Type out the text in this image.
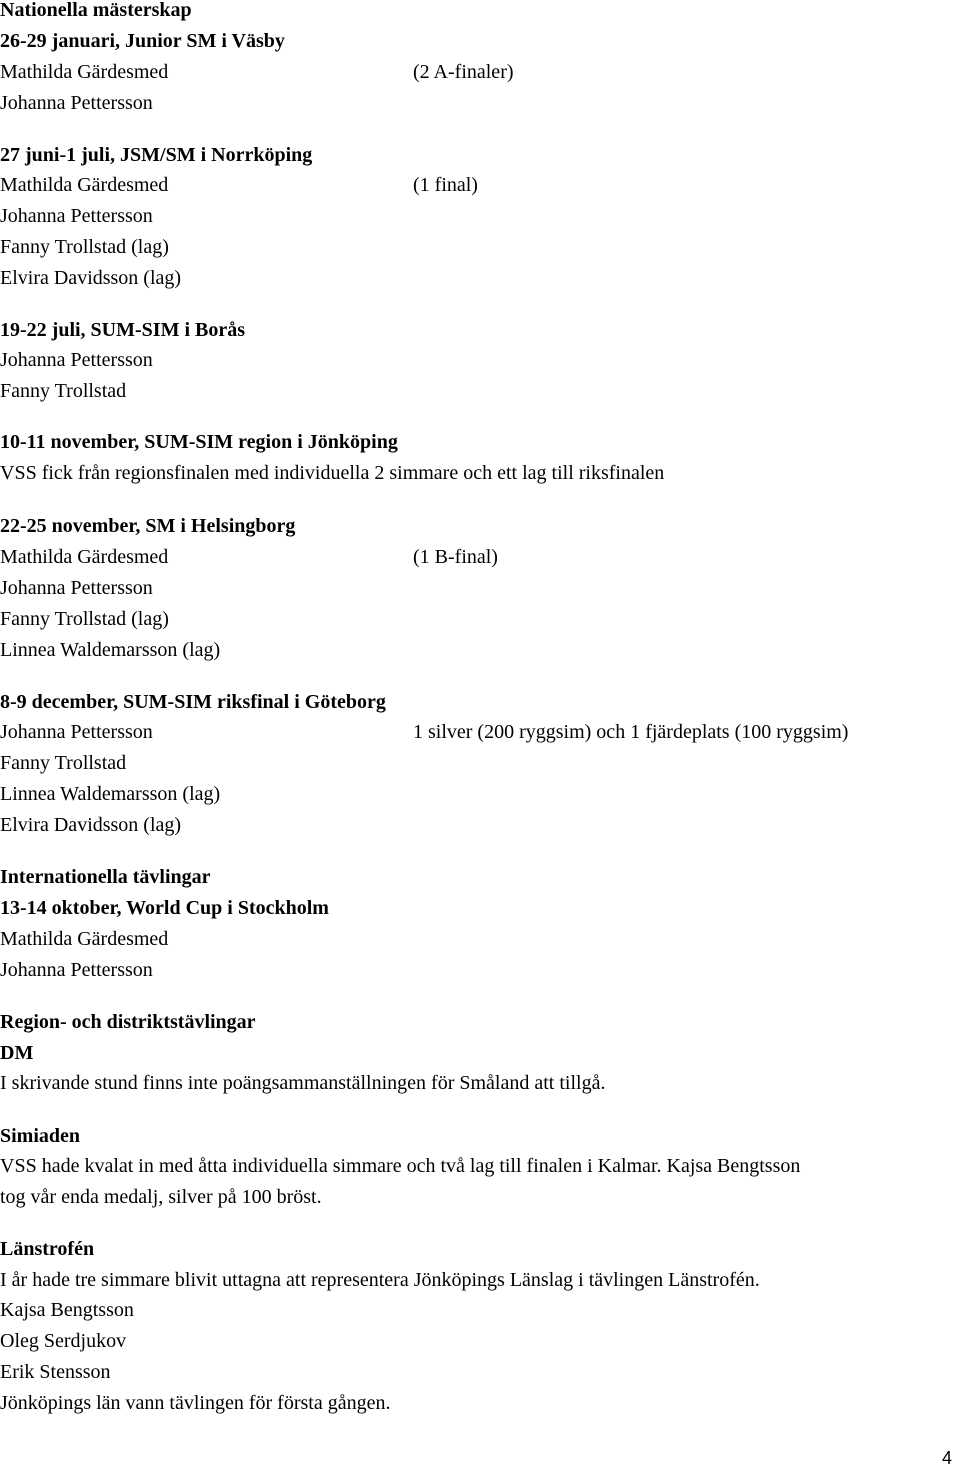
Nationella mästerskap
26-29 januari, Junior SM i Väsby
Mathilda Gärdesmed	(2 A-finaler)
Johanna Pettersson
27 juni-1 juli, JSM/SM i Norrköping
Mathilda Gärdesmed	(1 final)
Johanna Pettersson
Fanny Trollstad (lag)
Elvira Davidsson (lag)
19-22 juli, SUM-SIM i Borås
Johanna Pettersson
Fanny Trollstad
10-11 november, SUM-SIM region i Jönköping
VSS fick från regionsfinalen med individuella 2 simmare och ett lag till riksfinalen
22-25 november, SM i Helsingborg
Mathilda Gärdesmed	(1 B-final)
Johanna Pettersson
Fanny Trollstad (lag)
Linnea Waldemarsson (lag)
8-9 december, SUM-SIM riksfinal i Göteborg
Johanna Pettersson	1 silver (200 ryggsim) och 1 fjärdeplats (100 ryggsim)
Fanny Trollstad
Linnea Waldemarsson (lag)
Elvira Davidsson (lag)
Internationella tävlingar
13-14 oktober, World Cup i Stockholm
Mathilda Gärdesmed
Johanna Pettersson
Region- och distriktstävlingar
DM
I skrivande stund finns inte poängsammanställningen för Småland att tillgå.
Simiaden
VSS hade kvalat in med åtta individuella simmare och två lag till finalen i Kalmar. Kajsa Bengtsson
tog vår enda medalj, silver på 100 bröst.
Länstrofén
I år hade tre simmare blivit uttagna att representera Jönköpings Länslag i tävlingen Länstrofén.
Kajsa Bengtsson
Oleg Serdjukov
Erik Stensson
Jönköpings län vann tävlingen för första gången.
4
